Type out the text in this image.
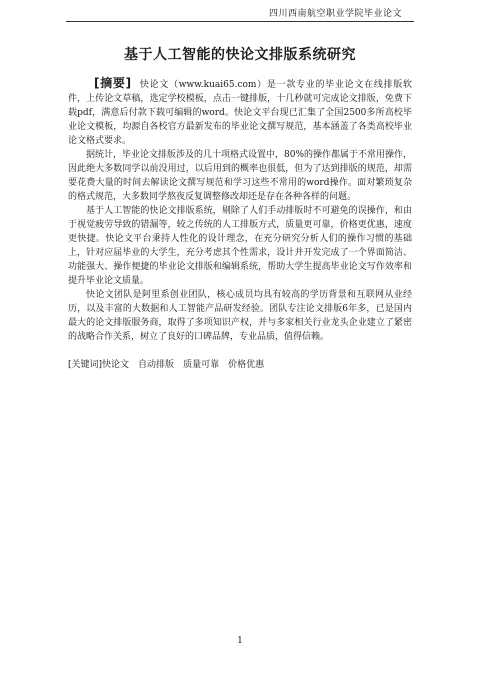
四川西南航空职业学院毕业论文
基于人工智能的快论文排版系统研究

[摘要] 快论文（www.kuai65.com）是一款专业的毕业论文在线排版软件，上传论文草稿，选定学校模板，点击一键排版，十几秒就可完成论文排版，免费下载pdf，满意后付款下载可编辑的word。快论文平台现已汇集了全国2500多所高校毕业论文模板，均源自各校官方最新发布的毕业论文撰写规范，基本涵盖了各类高校毕业论文格式要求。

据统计，毕业论文排版涉及的几十项格式设置中，80%的操作都属于不常用操作，因此绝大多数同学以前没用过，以后用到的概率也很低，但为了达到排版的规范，却需要花费大量的时间去解读论文撰写规范和学习这些不常用的word操作。面对繁琐复杂的格式规范，大多数同学熬夜反复调整修改却还是存在各种各样的问题。

基于人工智能的快论文排版系统，剔除了人们手动排版时不可避免的误操作，和由于视觉疲劳导致的错漏等，较之传统的人工排版方式，质量更可靠，价格更优惠，速度更快捷。快论文平台秉持人性化的设计理念，在充分研究分析人们的操作习惯的基础上，针对应届毕业的大学生，充分考虑其个性需求，设计并开发完成了一个界面简洁、功能强大、操作便捷的毕业论文排版和编辑系统，帮助大学生提高毕业论文写作效率和提升毕业论文质量。

快论文团队是阿里系创业团队，核心成员均具有较高的学历背景和互联网从业经历，以及丰富的大数据和人工智能产品研发经验。团队专注论文排版6年多，已是国内最大的论文排版服务商，取得了多项知识产权，并与多家相关行业龙头企业建立了紧密的战略合作关系，树立了良好的口碑品牌，专业品质，值得信赖。

[关键词]快论文 自动排版 质量可靠 价格优惠
1
